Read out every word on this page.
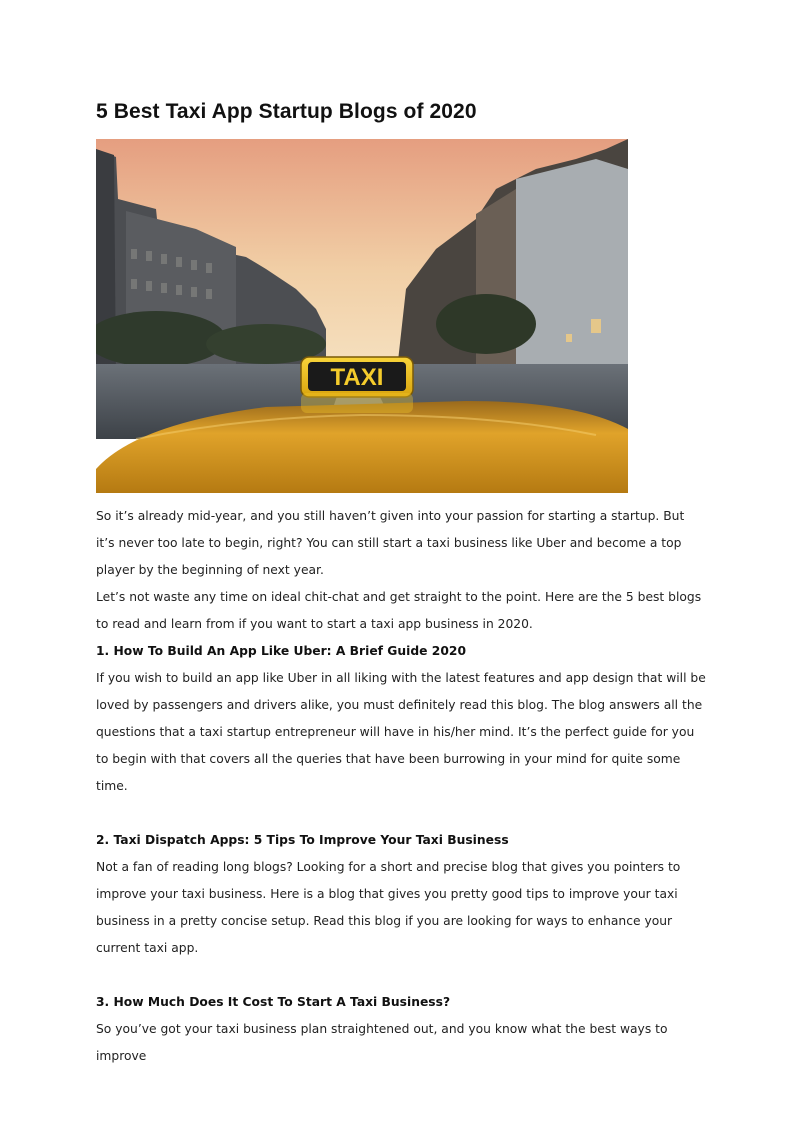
5 Best Taxi App Startup Blogs of 2020
TAXI

So it’s already mid-year, and you still haven’t given into your passion for starting a startup. But it’s never too late to begin, right? You can still start a taxi business like Uber and become a top player by the beginning of next year.

Let’s not waste any time on ideal chit-chat and get straight to the point. Here are the 5 best blogs to read and learn from if you want to start a taxi app business in 2020.

1. How To Build An App Like Uber: A Brief Guide 2020

If you wish to build an app like Uber in all liking with the latest features and app design that will be loved by passengers and drivers alike, you must definitely read this blog. The blog answers all the questions that a taxi startup entrepreneur will have in his/her mind. It’s the perfect guide for you to begin with that covers all the queries that have been burrowing in your mind for quite some time.

2. Taxi Dispatch Apps: 5 Tips To Improve Your Taxi Business

Not a fan of reading long blogs? Looking for a short and precise blog that gives you pointers to improve your taxi business. Here is a blog that gives you pretty good tips to improve your taxi business in a pretty concise setup. Read this blog if you are looking for ways to enhance your current taxi app.

3. How Much Does It Cost To Start A Taxi Business?

So you’ve got your taxi business plan straightened out, and you know what the best ways to improve
